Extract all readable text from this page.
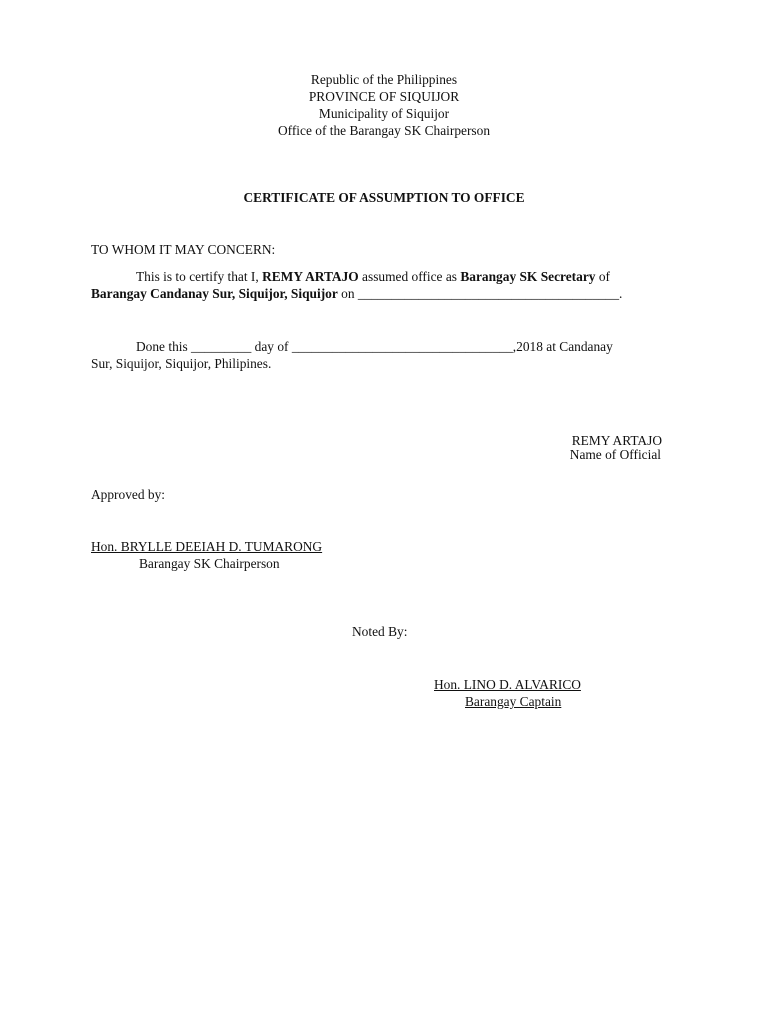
Republic of the Philippines
PROVINCE OF SIQUIJOR
Municipality of Siquijor
Office of the Barangay SK Chairperson
CERTIFICATE OF ASSUMPTION TO OFFICE
TO WHOM IT MAY CONCERN:
This is to certify that I, REMY ARTAJO assumed office as Barangay SK Secretary of
Barangay Candanay Sur, Siquijor, Siquijor on _______________________________________.
Done this _________ day of _________________________________,2018 at Candanay
Sur, Siquijor, Siquijor, Philipines.
REMY ARTAJO
Name of Official
Approved by:
Hon. BRYLLE DEEIAH D. TUMARONG
Barangay SK Chairperson
Noted By:
Hon. LINO D. ALVARICO
Barangay Captain
